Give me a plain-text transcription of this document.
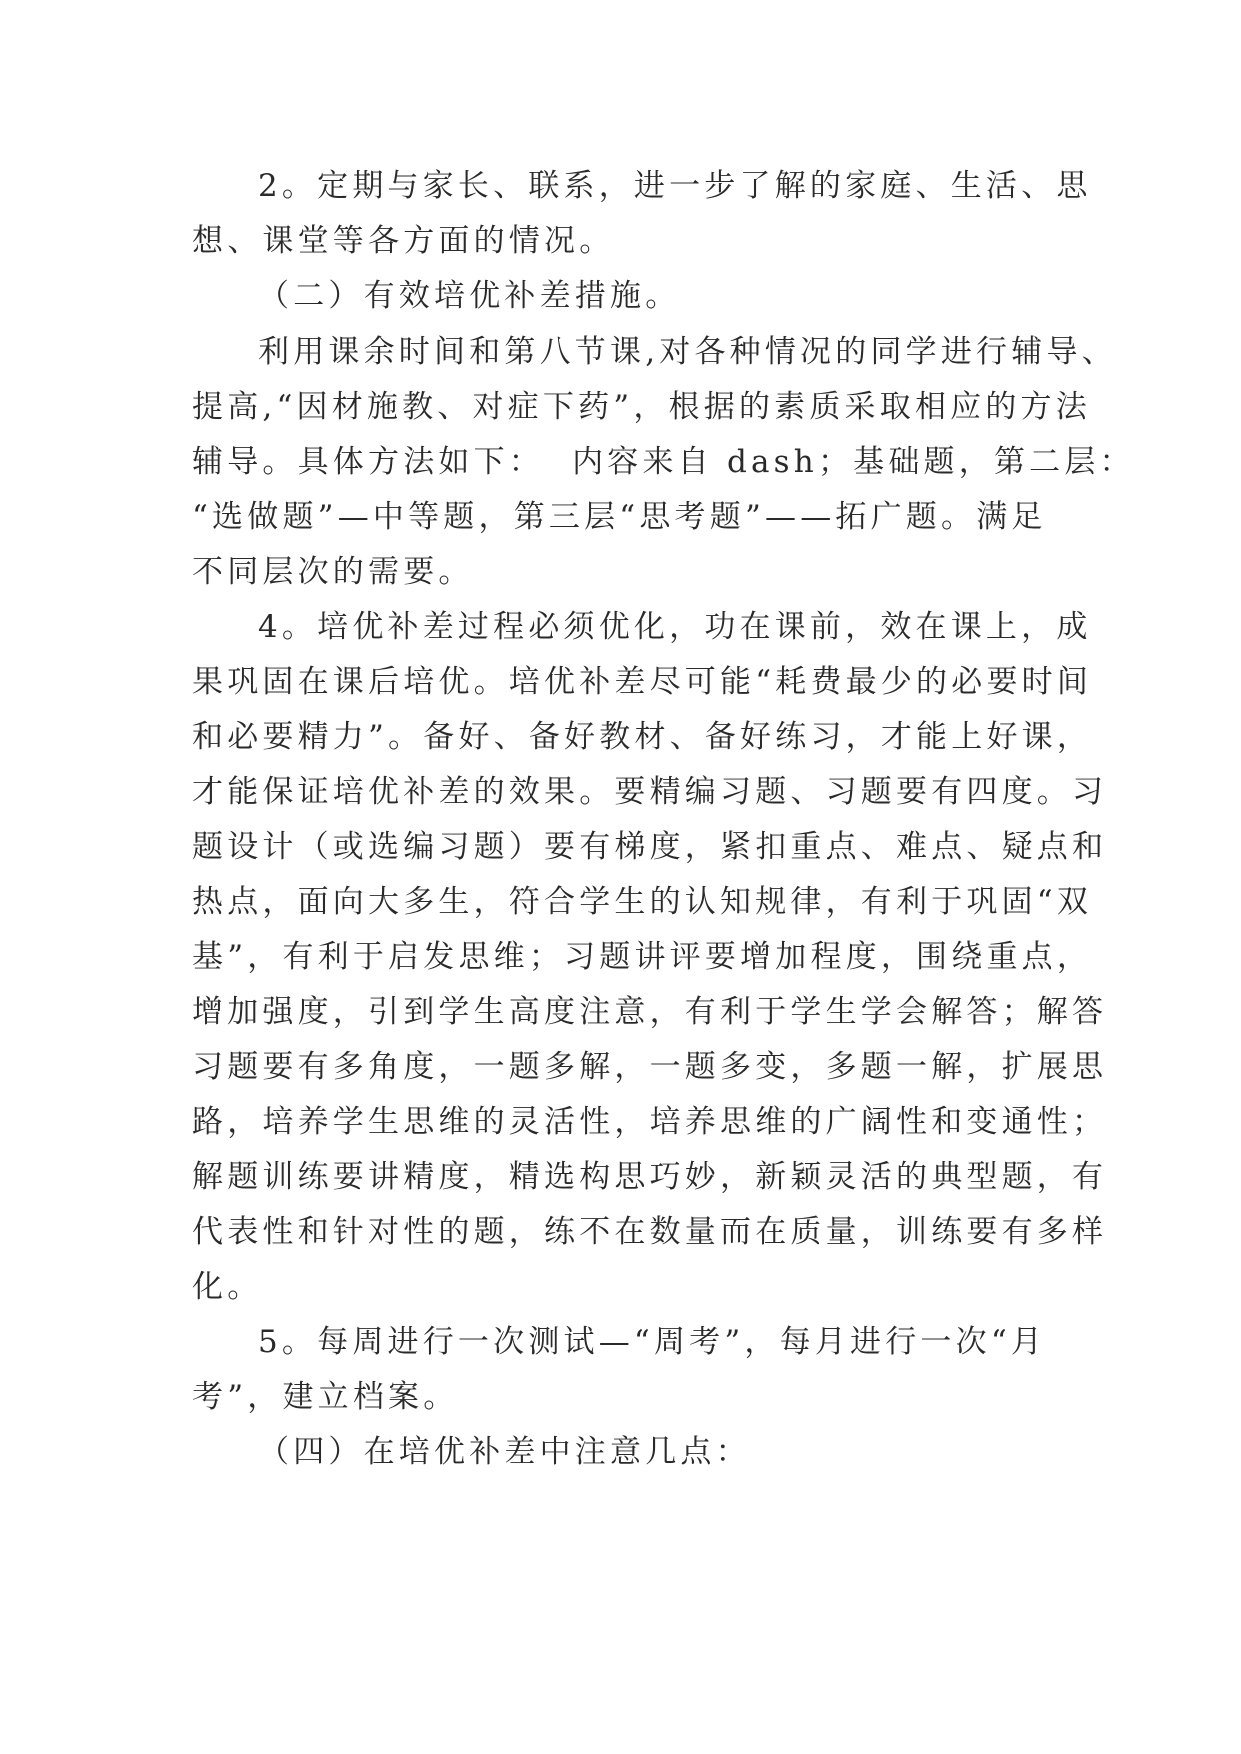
2。定期与家长、联系，进一步了解的家庭、生活、思
想、课堂等各方面的情况。
（二）有效培优补差措施。
利用课余时间和第八节课,对各种情况的同学进行辅导、
提高,“因材施教、对症下药”，根据的素质采取相应的方法
辅导。具体方法如下：  内容来自 dash；基础题，第二层：
“选做题”—中等题，第三层“思考题”——拓广题。满足
不同层次的需要。
4。培优补差过程必须优化，功在课前，效在课上，成
果巩固在课后培优。培优补差尽可能“耗费最少的必要时间
和必要精力”。备好、备好教材、备好练习，才能上好课，
才能保证培优补差的效果。要精编习题、习题要有四度。习
题设计（或选编习题）要有梯度，紧扣重点、难点、疑点和
热点，面向大多生，符合学生的认知规律，有利于巩固“双
基”，有利于启发思维；习题讲评要增加程度，围绕重点，
增加强度，引到学生高度注意，有利于学生学会解答；解答
习题要有多角度，一题多解，一题多变，多题一解，扩展思
路，培养学生思维的灵活性，培养思维的广阔性和变通性；
解题训练要讲精度，精选构思巧妙，新颖灵活的典型题，有
代表性和针对性的题，练不在数量而在质量，训练要有多样
化。
5。每周进行一次测试—“周考”，每月进行一次“月
考”，建立档案。
（四）在培优补差中注意几点：
